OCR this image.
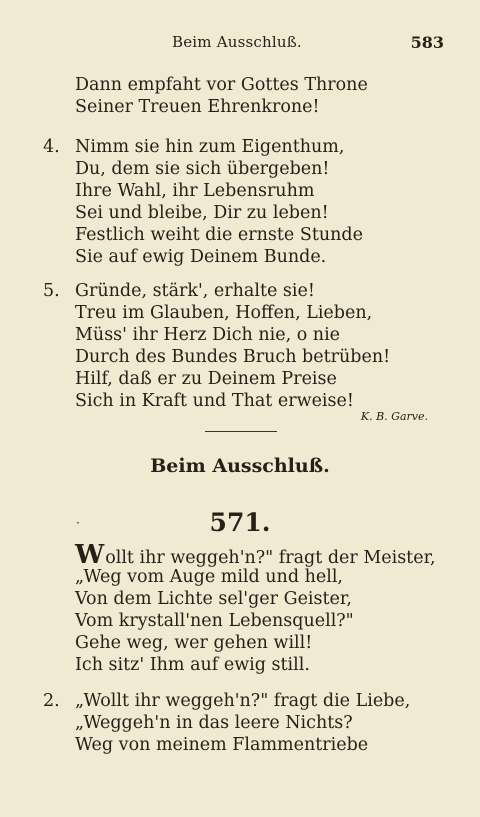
Beim Ausschluß.	583
Dann empfaht vor Gottes Throne
Seiner Treuen Ehrenkrone!
4. Nimm sie hin zum Eigenthum,
Du, dem sie sich übergeben!
Ihre Wahl, ihr Lebensruhm
Sei und bleibe, Dir zu leben!
Festlich weiht die ernste Stunde
Sie auf ewig Deinem Bunde.
5. Gründe, stärk', erhalte sie!
Treu im Glauben, Hoffen, Lieben,
Müss' ihr Herz Dich nie, o nie
Durch des Bundes Bruch betrüben!
Hilf, daß er zu Deinem Preise
Sich in Kraft und That erweise!
K. B. Garve.
Beim Ausschluß.
·	571.
Wollt ihr weggeh'n?" fragt der Meister,
„Weg vom Auge mild und hell,
Von dem Lichte sel'ger Geister,
Vom krystall'nen Lebensquell?"
Gehe weg, wer gehen will!
Ich sitz' Ihm auf ewig still.
2. „Wollt ihr weggeh'n?" fragt die Liebe,
„Weggeh'n in das leere Nichts?
Weg von meinem Flammentriebe
